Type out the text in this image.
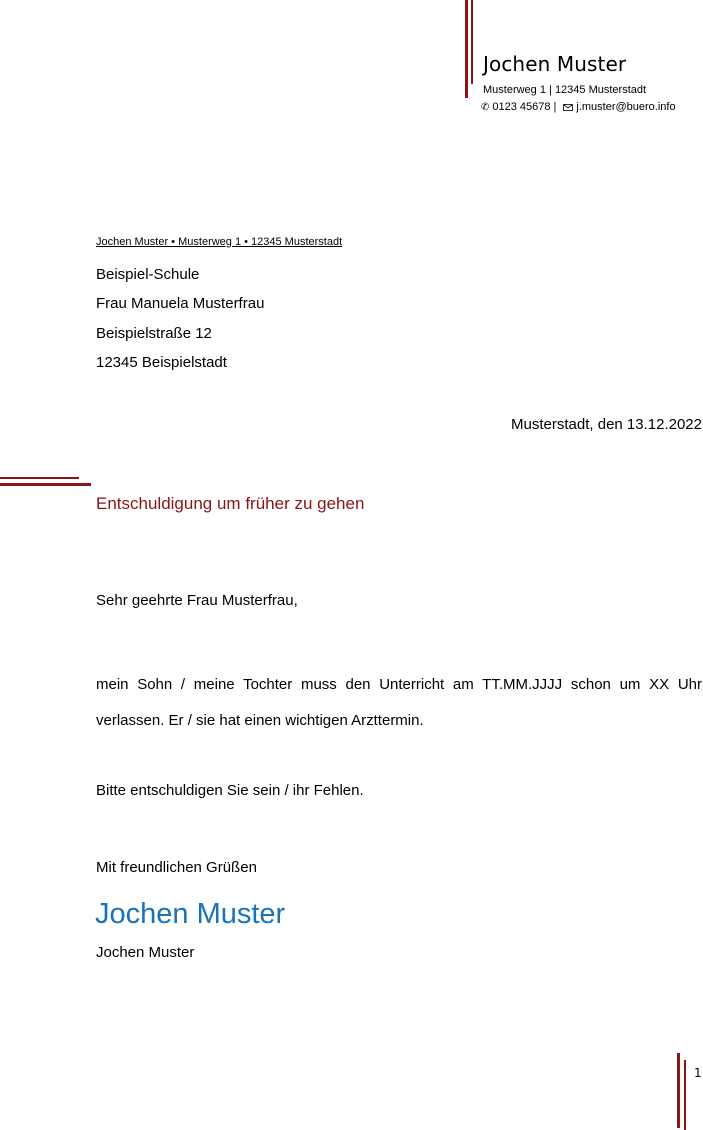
Jochen Muster
Musterweg 1 | 12345 Musterstadt
✆ 0123 45678 | j.muster@buero.info
Jochen Muster • Musterweg 1 • 12345 Musterstadt
Beispiel-Schule
Frau Manuela Musterfrau
Beispielstraße 12
12345 Beispielstadt
Musterstadt, den 13.12.2022
Entschuldigung um früher zu gehen
Sehr geehrte Frau Musterfrau,
mein Sohn / meine Tochter muss den Unterricht am TT.MM.JJJJ schon um XX Uhr verlassen. Er / sie hat einen wichtigen Arzttermin.
Bitte entschuldigen Sie sein / ihr Fehlen.
Mit freundlichen Grüßen
Jochen Muster
Jochen Muster
1
